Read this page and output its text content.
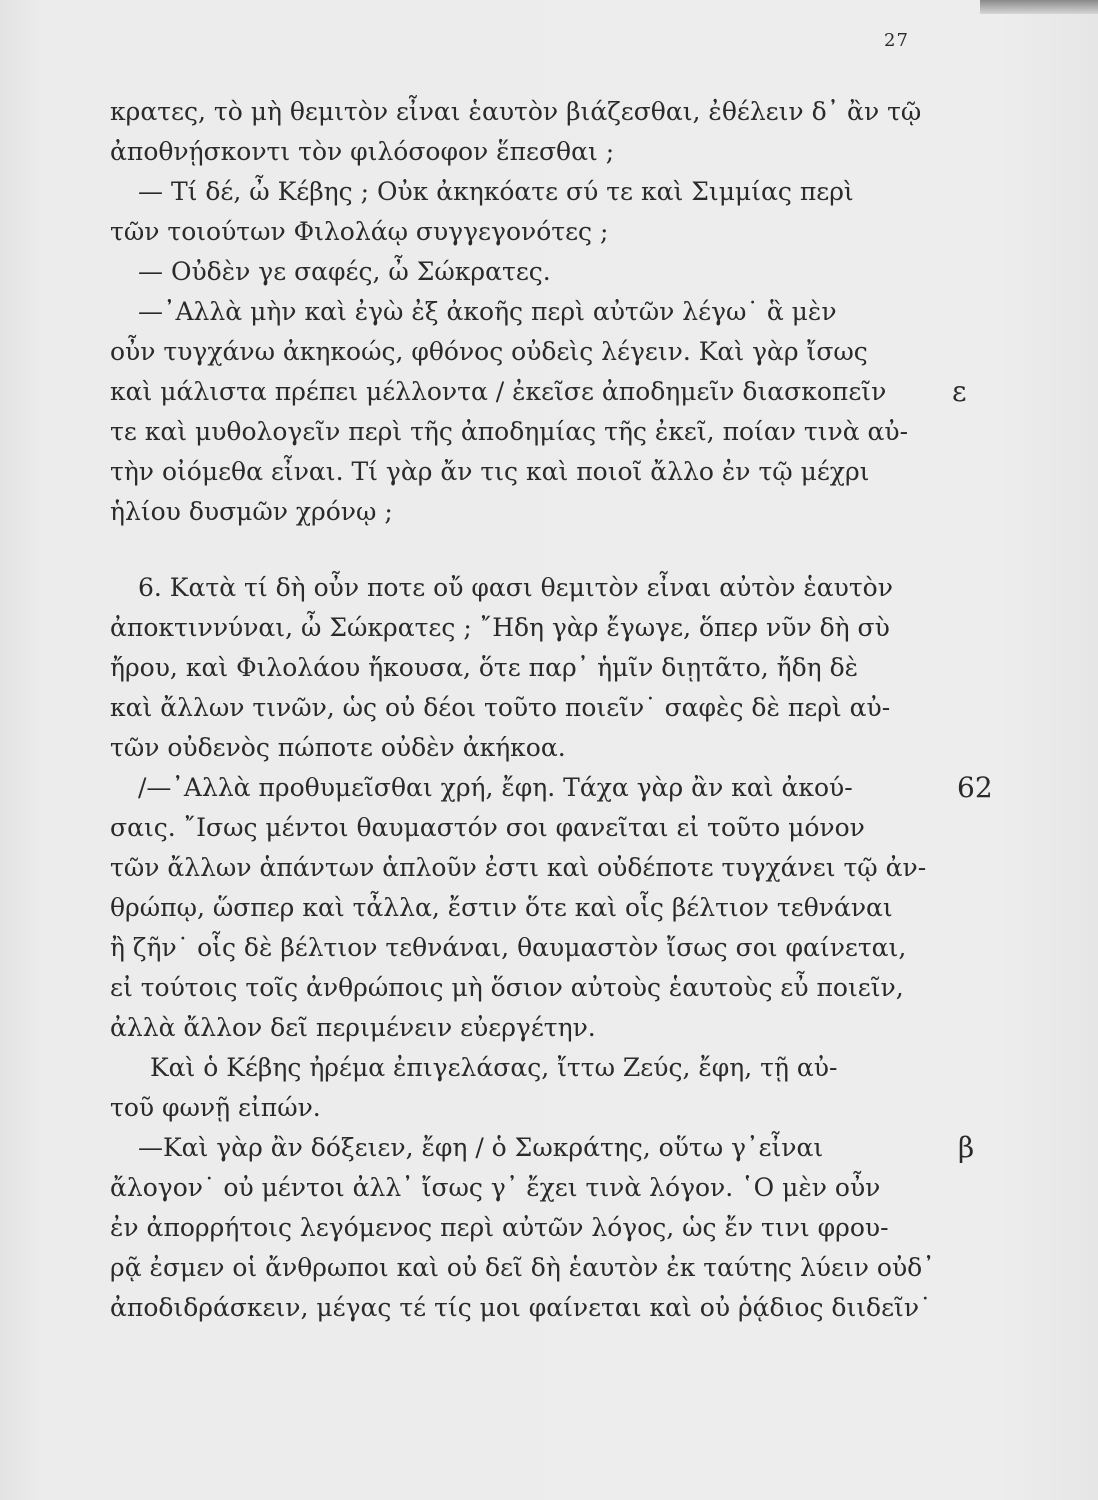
27
κρατες, τὸ μὴ θεμιτὸν εἶναι ἑαυτὸν βιάζεσθαι, ἐθέλειν δ᾽ ἂν τῷ
ἀποθνῄσκοντι τὸν φιλόσοφον ἕπεσθαι ;
— Τί δέ, ὦ Κέβης ; Οὐκ ἀκηκόατε σύ τε καὶ Σιμμίας περὶ
τῶν τοιούτων Φιλολάῳ συγγεγονότες ;
— Οὐδὲν γε σαφές, ὦ Σώκρατες.
—᾿Αλλὰ μὴν καὶ ἐγὼ ἐξ ἀκοῆς περὶ αὐτῶν λέγω˙ ἃ μὲν
οὖν τυγχάνω ἀκηκοώς, φθόνος οὐδεὶς λέγειν. Καὶ γὰρ ἴσως
καὶ μάλιστα πρέπει μέλλοντα / ἐκεῖσε ἀποδημεῖν διασκοπεῖν
τε καὶ μυθολογεῖν περὶ τῆς ἀποδημίας τῆς ἐκεῖ, ποίαν τινὰ αὐ-
τὴν οἰόμεθα εἶναι. Τί γὰρ ἄν τις καὶ ποιοῖ ἄλλο ἐν τῷ μέχρι
ἡλίου δυσμῶν χρόνῳ ;
6. Κατὰ τί δὴ οὖν ποτε οὔ φασι θεμιτὸν εἶναι αὐτὸν ἑαυτὸν
ἀποκτιννύναι, ὦ Σώκρατες ; ῎Ηδη γὰρ ἔγωγε, ὅπερ νῦν δὴ σὺ
ἤρου, καὶ Φιλολάου ἤκουσα, ὅτε παρ᾽ ἡμῖν διῃτᾶτο, ἤδη δὲ
καὶ ἄλλων τινῶν, ὡς οὐ δέοι τοῦτο ποιεῖν˙ σαφὲς δὲ περὶ αὐ-
τῶν οὐδενὸς πώποτε οὐδὲν ἀκήκοα.
/—᾿Αλλὰ προθυμεῖσθαι χρή, ἔφη. Τάχα γὰρ ἂν καὶ ἀκού-
σαις. ῎Ισως μέντοι θαυμαστόν σοι φανεῖται εἰ τοῦτο μόνον
τῶν ἄλλων ἁπάντων ἁπλοῦν ἐστι καὶ οὐδέποτε τυγχάνει τῷ ἀν-
θρώπῳ, ὥσπερ καὶ τἆλλα, ἔστιν ὅτε καὶ οἷς βέλτιον τεθνάναι
ἢ ζῆν˙ οἷς δὲ βέλτιον τεθνάναι, θαυμαστὸν ἴσως σοι φαίνεται,
εἰ τούτοις τοῖς ἀνθρώποις μὴ ὅσιον αὐτοὺς ἑαυτοὺς εὖ ποιεῖν,
ἀλλὰ ἄλλον δεῖ περιμένειν εὐεργέτην.
Καὶ ὁ Κέβης ἠρέμα ἐπιγελάσας, ἴττω Ζεύς, ἔφη, τῇ αὐ-
τοῦ φωνῇ εἰπών.
—Καὶ γὰρ ἂν δόξειεν, ἔφη / ὁ Σωκράτης, οὕτω γ᾽εἶναι
ἄλογον˙ οὐ μέντοι ἀλλ᾽ ἴσως γ᾽ ἔχει τινὰ λόγον. ῾Ο μὲν οὖν
ἐν ἀπορρήτοις λεγόμενος περὶ αὐτῶν λόγος, ὡς ἔν τινι φρου-
ρᾷ ἐσμεν οἱ ἄνθρωποι καὶ οὐ δεῖ δὴ ἑαυτὸν ἐκ ταύτης λύειν οὐδ᾽
ἀποδιδράσκειν, μέγας τέ τίς μοι φαίνεται καὶ οὐ ῥᾴδιος διιδεῖν˙
ε
62
β
